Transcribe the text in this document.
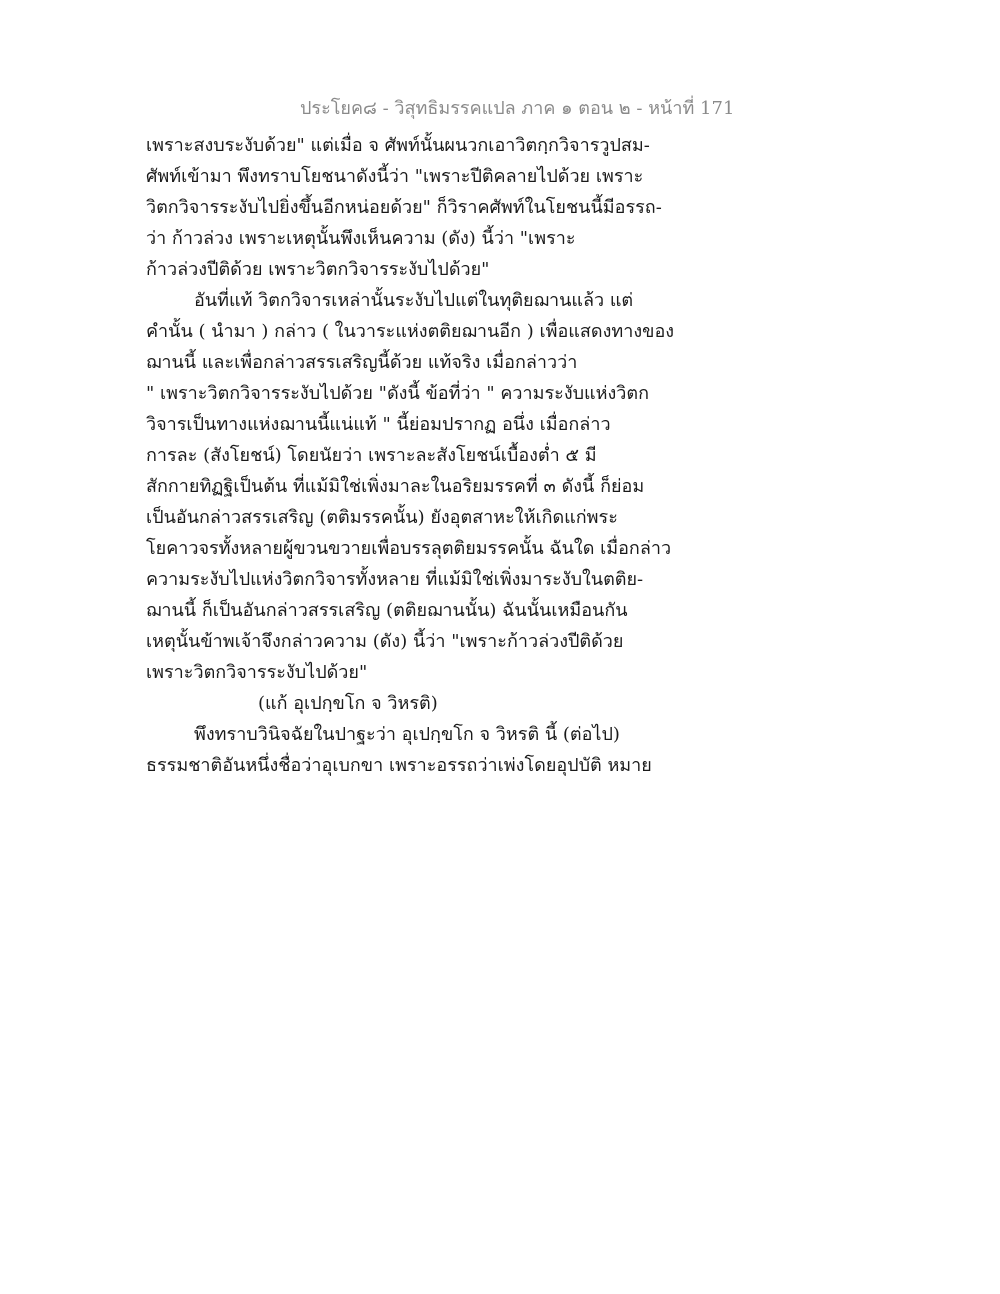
ประโยค๘ - วิสุทธิมรรคแปล ภาค ๑ ตอน ๒ - หน้าที่ 171
เพราะสงบระงับด้วย" แต่เมื่อ จ ศัพท์นั้นผนวกเอาวิตกฺกวิจารวูปสม-
ศัพท์เข้ามา พึงทราบโยชนาดังนี้ว่า "เพราะปีติคลายไปด้วย เพราะ
วิตกวิจารระงับไปยิ่งขึ้นอีกหน่อยด้วย" ก็วิราคศัพท์ในโยชนนี้มีอรรถ-
ว่า ก้าวล่วง เพราะเหตุนั้นพึงเห็นความ (ดัง) นี้ว่า "เพราะ
ก้าวล่วงปีติด้วย เพราะวิตกวิจารระงับไปด้วย"
อันที่แท้ วิตกวิจารเหล่านั้นระงับไปแต่ในทุติยฌานแล้ว แต่
คำนั้น ( นำมา ) กล่าว ( ในวาระแห่งตติยฌานอีก ) เพื่อแสดงทางของ
ฌานนี้ และเพื่อกล่าวสรรเสริญนี้ด้วย แท้จริง เมื่อกล่าวว่า
" เพราะวิตกวิจารระงับไปด้วย "ดังนี้ ข้อที่ว่า " ความระงับแห่งวิตก
วิจารเป็นทางแห่งฌานนี้แน่แท้ " นี้ย่อมปรากฏ อนึ่ง เมื่อกล่าว
การละ (สังโยชน์) โดยนัยว่า เพราะละสังโยชน์เบื้องต่ำ ๕ มี
สักกายทิฏฐิเป็นต้น ที่แม้มิใช่เพิ่งมาละในอริยมรรคที่ ๓ ดังนี้ ก็ย่อม
เป็นอันกล่าวสรรเสริญ (ตติมรรคนั้น) ยังอุตสาหะให้เกิดแก่พระ
โยคาวจรทั้งหลายผู้ขวนขวายเพื่อบรรลุตติยมรรคนั้น ฉันใด เมื่อกล่าว
ความระงับไปแห่งวิตกวิจารทั้งหลาย ที่แม้มิใช่เพิ่งมาระงับในตติย-
ฌานนี้ ก็เป็นอันกล่าวสรรเสริญ (ตติยฌานนั้น) ฉันนั้นเหมือนกัน
เหตุนั้นข้าพเจ้าจึงกล่าวความ (ดัง) นี้ว่า "เพราะก้าวล่วงปีติด้วย
เพราะวิตกวิจารระงับไปด้วย"
(แก้ อุเปกฺขโก จ วิหรติ)
พึงทราบวินิจฉัยในปาฐะว่า อุเปกฺขโก จ วิหรติ นี้ (ต่อไป)
ธรรมชาติอันหนึ่งชื่อว่าอุเบกขา เพราะอรรถว่าเพ่งโดยอุปบัติ หมาย
